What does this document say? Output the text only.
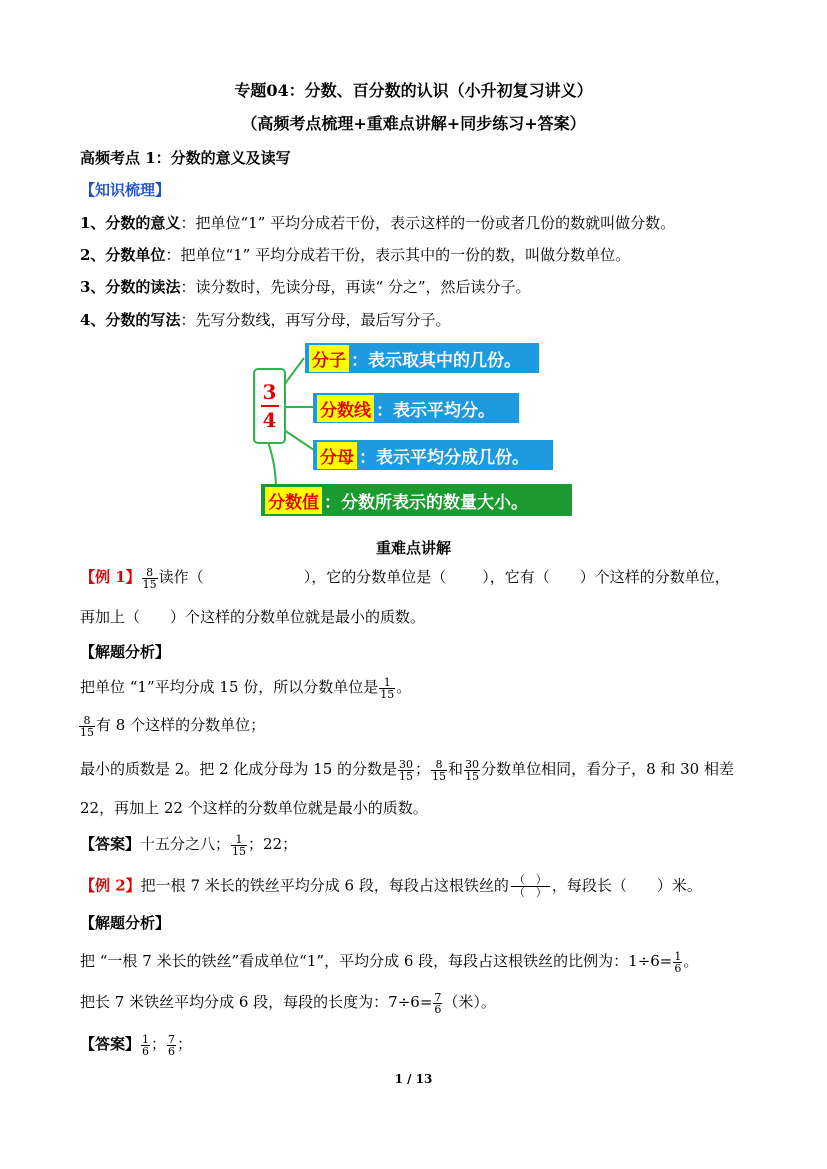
专题04：分数、百分数的认识（小升初复习讲义）
（高频考点梳理+重难点讲解+同步练习+答案）
高频考点 1：分数的意义及读写
【知识梳理】
1、分数的意义：把单位“1” 平均分成若干份，表示这样的一份或者几份的数就叫做分数。
2、分数单位：把单位“1” 平均分成若干份，表示其中的一份的数，叫做分数单位。
3、分数的读法：读分数时，先读分母，再读“ 分之”，然后读分子。
4、分数的写法：先写分数线，再写分母，最后写分子。
3
4
分子 ：表示取其中的几份。
分数线 ：表示平均分。
分母 ：表示平均分成几份。
分数值 ：分数所表示的数量大小。
重难点讲解
【例 1】 $\frac{8}{15}$ 读作（	），它的分数单位是（ ），它有（ ）个这样的分数单位，
再加上（ ）个这样的分数单位就是最小的质数。
【解题分析】
把单位 “1”平均分成 15 份，所以分数单位是 $\frac{1}{15}$ 。
$\frac{8}{15}$ 有 8 个这样的分数单位；
最小的质数是 2。把 2 化成分母为 15 的分数是 $\frac{30}{15}$ ； $\frac{8}{15}$ 和 $\frac{30}{15}$ 分数单位相同，看分子，8 和 30 相差
22，再加上 22 个这样的分数单位就是最小的质数。
【答案】十五分之八； $\frac{1}{15}$ ；22；
【例 2】把一根 7 米长的铁丝平均分成 6 段，每段占这根铁丝的 $\frac{( )}{( )}$ ，每段长（ ）米。
【解题分析】
把 “一根 7 米长的铁丝”看成单位“1”，平均分成 6 段，每段占这根铁丝的比例为：$1\div 6= \frac{1}{6}$ 。
把长 7 米铁丝平均分成 6 段，每段的长度为：$7\div 6= \frac{7}{6}$ （米）。
【答案】 $\frac{1}{6}$ ； $\frac{7}{6}$ ；
1 / 13
